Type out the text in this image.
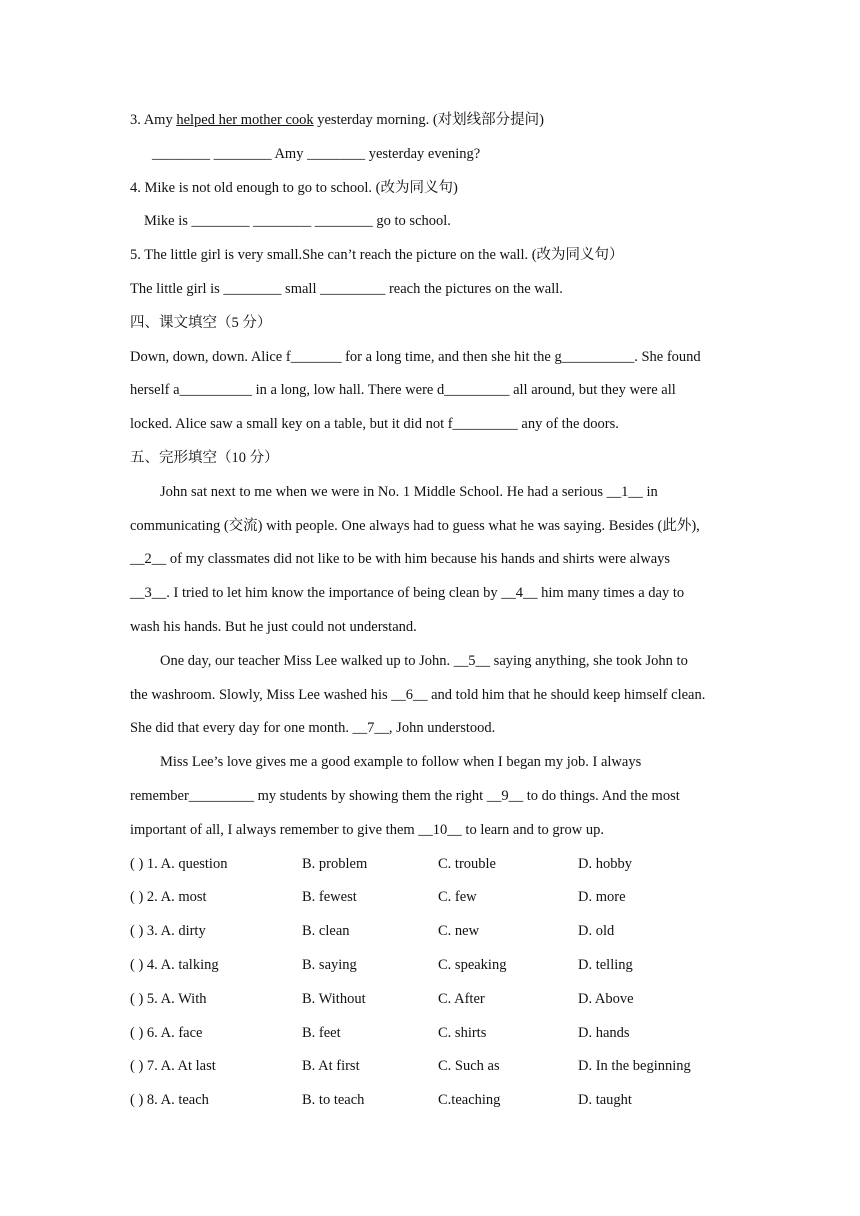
3. Amy helped her mother cook yesterday morning. (对划线部分提问)
________ ________ Amy ________ yesterday evening?
4. Mike is not old enough to go to school. (改为同义句)
Mike is ________ ________ ________ go to school.
5. The little girl is very small.She can’t reach the picture on the wall. (改为同义句）
The little girl is ________ small _________ reach the pictures on the wall.
四、课文填空（5 分）
Down, down, down. Alice f_______ for a long time, and then she hit the g__________. She found
herself a__________ in a long, low hall. There were d_________ all around, but they were all
locked. Alice saw a small key on a table, but it did not f_________ any of the doors.
五、完形填空（10 分）
John sat next to me when we were in No. 1 Middle School. He had a serious __1__ in
communicating (交流) with people. One always had to guess what he was saying. Besides (此外),
__2__ of my classmates did not like to be with him because his hands and shirts were always
__3__. I tried to let him know the importance of being clean by __4__ him many times a day to
wash his hands. But he just could not understand.
One day, our teacher Miss Lee walked up to John. __5__ saying anything, she took John to
the washroom. Slowly, Miss Lee washed his __6__ and told him that he should keep himself clean.
She did that every day for one month. __7__, John understood.
Miss Lee’s love gives me a good example to follow when I began my job. I always
remember_________ my students by showing them the right __9__ to do things. And the most
important of all, I always remember to give them __10__ to learn and to grow up.
( ) 1. A. question	B. problem	C. trouble	D. hobby
( ) 2. A. most	B. fewest	C. few	D. more
( ) 3. A. dirty	B. clean	C. new	D. old
( ) 4. A. talking	B. saying	C. speaking	D. telling
( ) 5. A. With	B. Without	C. After	D. Above
( ) 6. A. face	B. feet	C. shirts	D. hands
( ) 7. A. At last	B. At first	C. Such as	D. In the beginning
( ) 8. A. teach	B. to teach	C.teaching	D. taught
